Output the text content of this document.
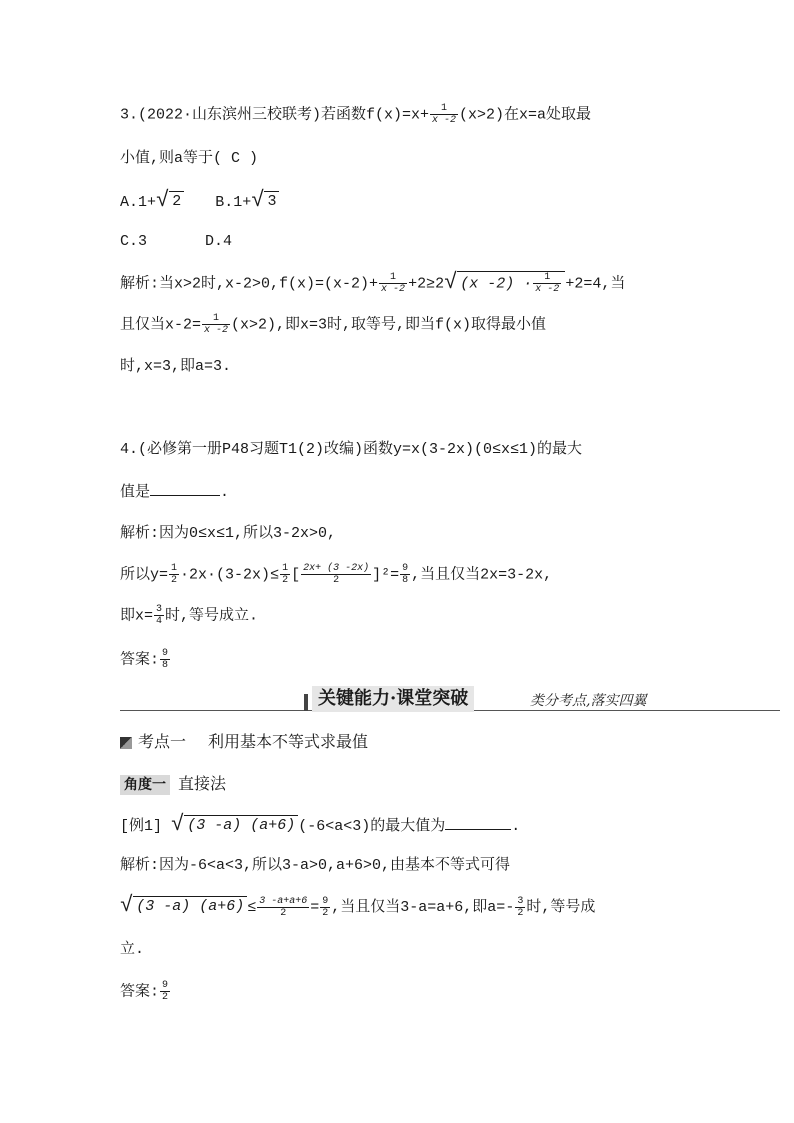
3.(2022·山东滨州三校联考)若函数$f(x)=x+ \frac{1}{x -2} (x>2)$在x=a处取最
小值,则a等于( C )
A.1+√ 2 B.1+√ 3
C.3	D.4
解析:当x>2时$,x-2>0,f(x)=(x-2)+ \frac{1}{x -2} +2\ge 2√$ (x $-2) \cdot \frac{1}{x -2} +2=4$,当
且仅当$x-2= \frac{1}{x -2} (x>2)$,即x=3时,取等号,即当f(x)取得最小值
时,x=3,即a=3.
4.(必修第一册P48习题T1(2)改编)函数y=x(3-2x)(0≤x≤1)的最大
值是	.
解析:因为0≤x≤1,所以3-2x>0,
所以$y= \frac{1}{2} \cdot 2x\cdot(3-2x)\le \frac{1}{2}$ [ $\frac{2x+ (3 -2x)}{2} ]^2= \frac{9}{8}$ ,当且仅当2x=3-2x,
即$x= \frac{3}{4}$ 时,等号成立.
答案: $\frac{9}{8}$
关键能力·课堂突破	类分考点,落实四翼
考点一 利用基本不等式求最值
角度一 直接法
[例1] √ (3 -a) (a+6) (-6<a<3)的最大值为	.
解析:因为-6<a<3,所以3-a>0,a+6>0,由基本不等式可得
√ (3 -a) $(a+6) \le \frac{3 -a+a+6}{2} = \frac{9}{2}$ ,当且仅当3-a=a+6,即$a=- \frac{3}{2}$ 时,等号成
立.
答案: $\frac{9}{2}$
